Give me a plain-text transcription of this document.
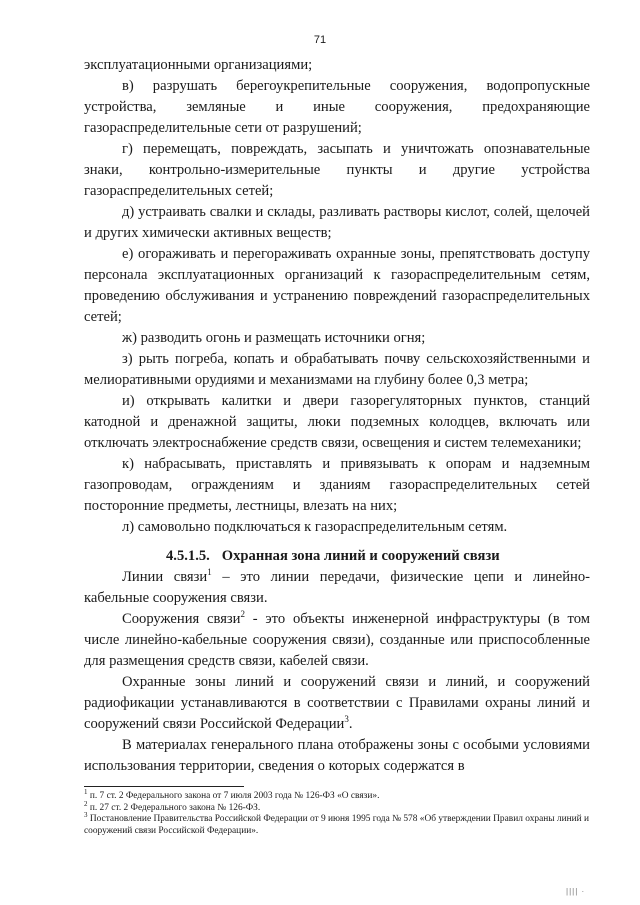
71

эксплуатационными организациями;

в) разрушать берегоукрепительные сооружения, водопропускные устройства, земляные и иные сооружения, предохраняющие газораспределительные сети от разрушений;

г) перемещать, повреждать, засыпать и уничтожать опознавательные знаки, контрольно-измерительные пункты и другие устройства газораспределительных сетей;

д) устраивать свалки и склады, разливать растворы кислот, солей, щелочей и других химически активных веществ;

е) огораживать и перегораживать охранные зоны, препятствовать доступу персонала эксплуатационных организаций к газораспределительным сетям, проведению обслуживания и устранению повреждений газораспределительных сетей;

ж) разводить огонь и размещать источники огня;

з) рыть погреба, копать и обрабатывать почву сельскохозяйственными и мелиоративными орудиями и механизмами на глубину более 0,3 метра;

и) открывать калитки и двери газорегуляторных пунктов, станций катодной и дренажной защиты, люки подземных колодцев, включать или отключать электроснабжение средств связи, освещения и систем телемеханики;

к) набрасывать, приставлять и привязывать к опорам и надземным газопроводам, ограждениям и зданиям газораспределительных сетей посторонние предметы, лестницы, влезать на них;

л) самовольно подключаться к газораспределительным сетям.

4.5.1.5. Охранная зона линий и сооружений связи

Линии связи$^1$ – это линии передачи, физические цепи и линейно-кабельные сооружения связи.

Сооружения связи$^2$ - это объекты инженерной инфраструктуры (в том числе линейно-кабельные сооружения связи), созданные или приспособленные для размещения средств связи, кабелей связи.

Охранные зоны линий и сооружений связи и линий, и сооружений радиофикации устанавливаются в соответствии с Правилами охраны линий и сооружений связи Российской Федерации$^3$.

В материалах генерального плана отображены зоны с особыми условиями использования территории, сведения о которых содержатся в

$^1$ п. 7 ст. 2 Федерального закона от 7 июля 2003 года № 126-ФЗ «О связи».

$^2$ п. 27 ст. 2 Федерального закона № 126-ФЗ.

$^3$ Постановление Правительства Российской Федерации от 9 июня 1995 года № 578 «Об утверждении Правил охраны линий и сооружений связи Российской Федерации».

|||| ·
